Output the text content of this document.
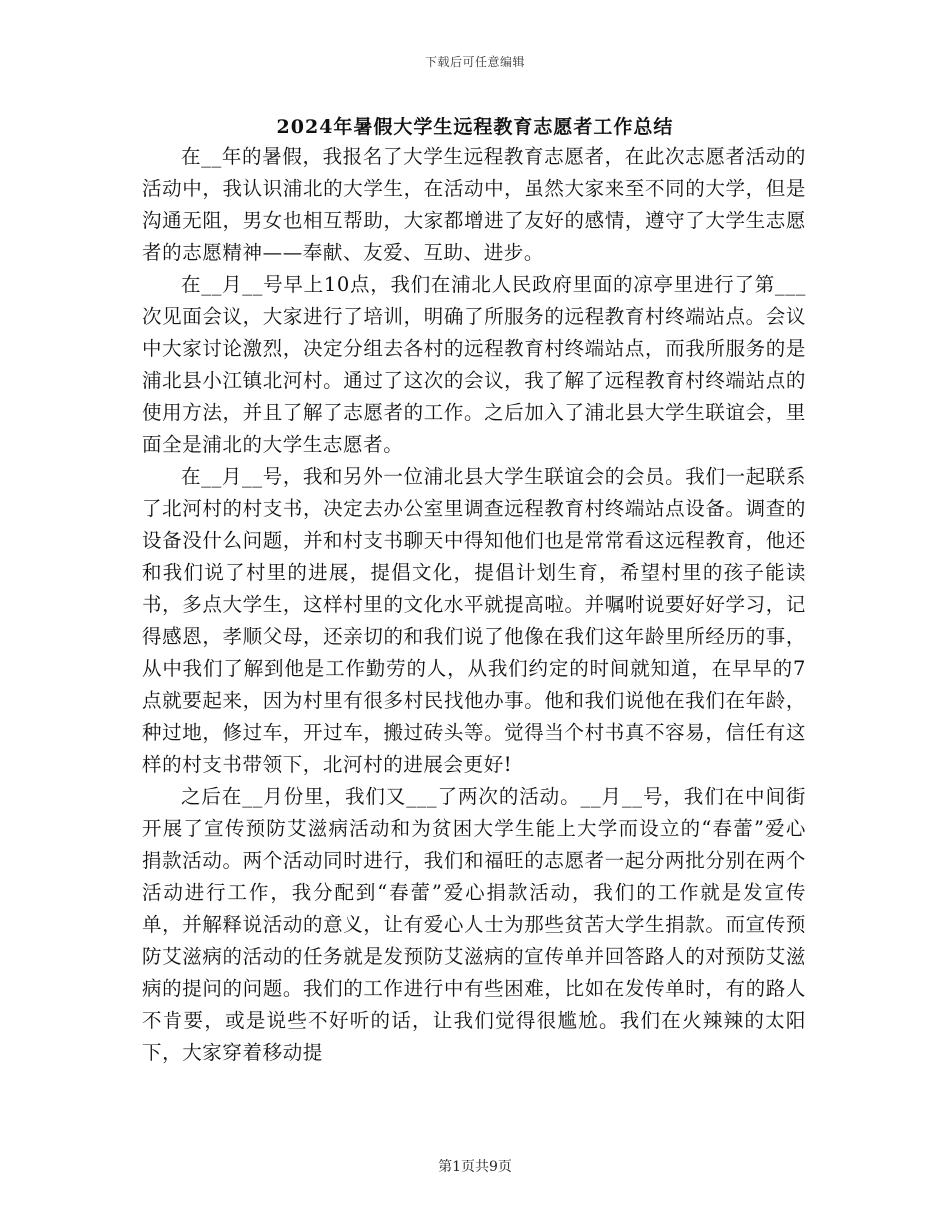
下载后可任意编辑
2024年暑假大学生远程教育志愿者工作总结

在__年的暑假，我报名了大学生远程教育志愿者，在此次志愿者活动的活动中，我认识浦北的大学生，在活动中，虽然大家来至不同的大学，但是沟通无阻，男女也相互帮助，大家都增进了友好的感情，遵守了大学生志愿者的志愿精神——奉献、友爱、互助、进步。

在__月__号早上10点，我们在浦北人民政府里面的凉亭里进行了第___次见面会议，大家进行了培训，明确了所服务的远程教育村终端站点。会议中大家讨论激烈，决定分组去各村的远程教育村终端站点，而我所服务的是浦北县小江镇北河村。通过了这次的会议，我了解了远程教育村终端站点的使用方法，并且了解了志愿者的工作。之后加入了浦北县大学生联谊会，里面全是浦北的大学生志愿者。

在__月__号，我和另外一位浦北县大学生联谊会的会员。我们一起联系了北河村的村支书，决定去办公室里调查远程教育村终端站点设备。调查的设备没什么问题，并和村支书聊天中得知他们也是常常看这远程教育，他还和我们说了村里的进展，提倡文化，提倡计划生育，希望村里的孩子能读书，多点大学生，这样村里的文化水平就提高啦。并嘱咐说要好好学习，记得感恩，孝顺父母，还亲切的和我们说了他像在我们这年龄里所经历的事，从中我们了解到他是工作勤劳的人，从我们约定的时间就知道，在早早的7点就要起来，因为村里有很多村民找他办事。他和我们说他在我们在年龄，种过地，修过车，开过车，搬过砖头等。觉得当个村书真不容易，信任有这样的村支书带领下，北河村的进展会更好!

之后在__月份里，我们又___了两次的活动。__月__号，我们在中间街开展了宣传预防艾滋病活动和为贫困大学生能上大学而设立的“春蕾”爱心捐款活动。两个活动同时进行，我们和福旺的志愿者一起分两批分别在两个活动进行工作，我分配到“春蕾”爱心捐款活动，我们的工作就是发宣传单，并解释说活动的意义，让有爱心人士为那些贫苦大学生捐款。而宣传预防艾滋病的活动的任务就是发预防艾滋病的宣传单并回答路人的对预防艾滋病的提问的问题。我们的工作进行中有些困难，比如在发传单时，有的路人不肯要，或是说些不好听的话，让我们觉得很尴尬。我们在火辣辣的太阳下，大家穿着移动提

第1页共9页
